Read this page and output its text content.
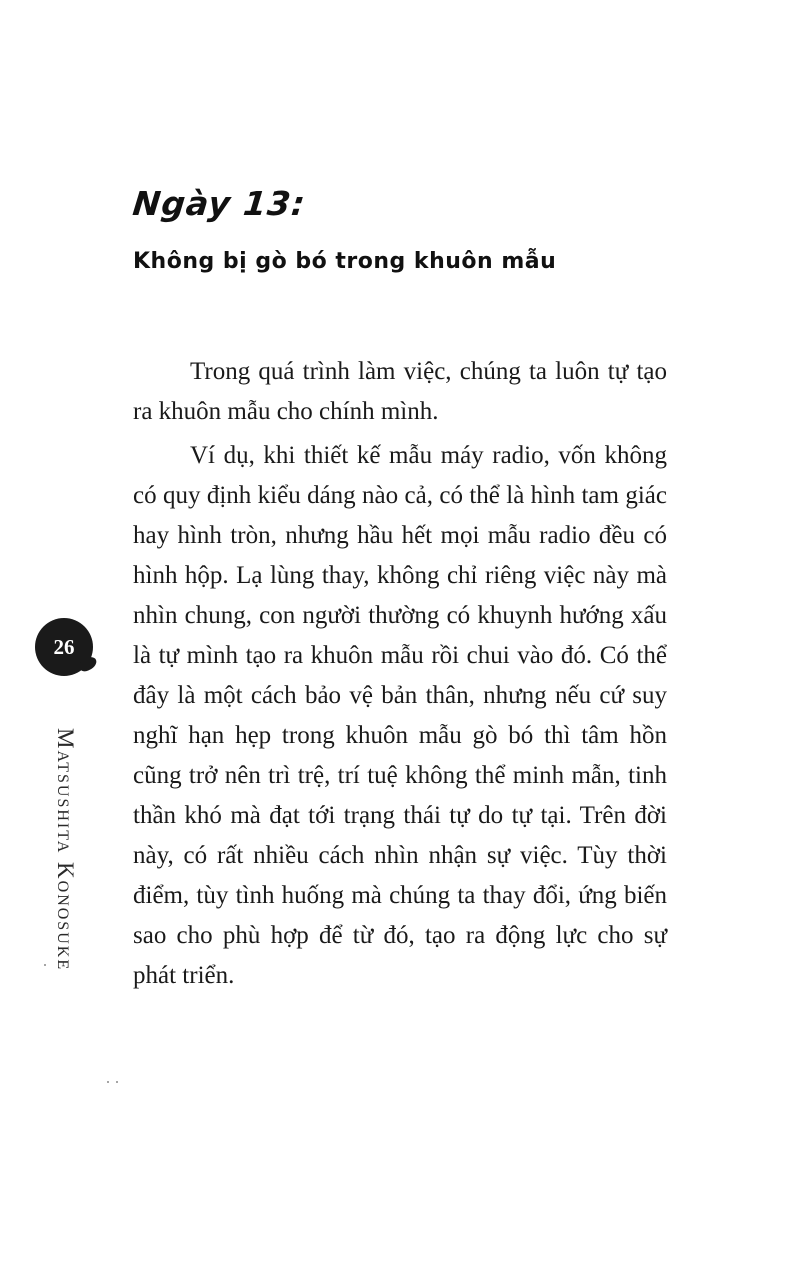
Ngày 13:
Không bị gò bó trong khuôn mẫu

Trong quá trình làm việc, chúng ta luôn tự tạo ra khuôn mẫu cho chính mình.

Ví dụ, khi thiết kế mẫu máy radio, vốn không có quy định kiểu dáng nào cả, có thể là hình tam giác hay hình tròn, nhưng hầu hết mọi mẫu radio đều có hình hộp. Lạ lùng thay, không chỉ riêng việc này mà nhìn chung, con người thường có khuynh hướng xấu là tự mình tạo ra khuôn mẫu rồi chui vào đó. Có thể đây là một cách bảo vệ bản thân, nhưng nếu cứ suy nghĩ hạn hẹp trong khuôn mẫu gò bó thì tâm hồn cũng trở nên trì trệ, trí tuệ không thể minh mẫn, tinh thần khó mà đạt tới trạng thái tự do tự tại. Trên đời này, có rất nhiều cách nhìn nhận sự việc. Tùy thời điểm, tùy tình huống mà chúng ta thay đổi, ứng biến sao cho phù hợp để từ đó, tạo ra động lực cho sự phát triển.

26
Matsushita Konosuke
